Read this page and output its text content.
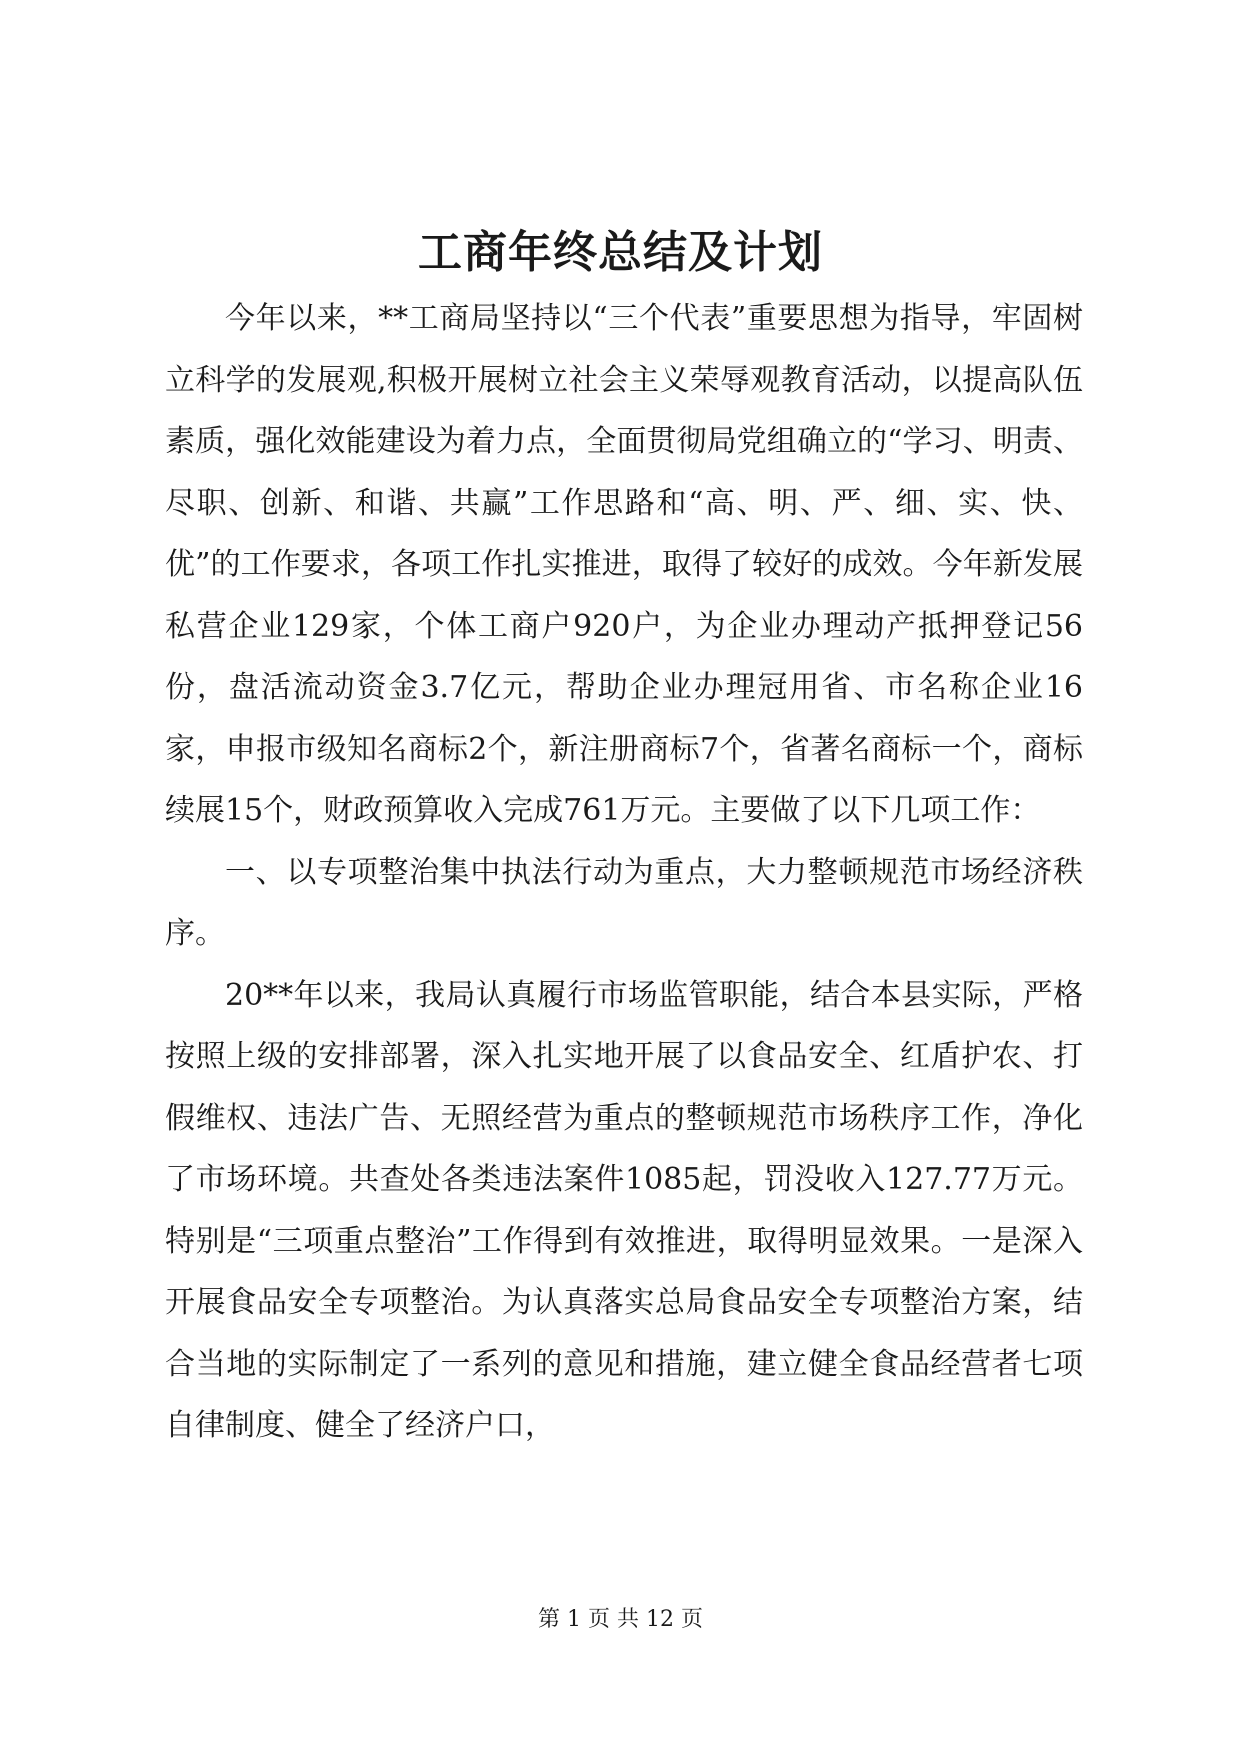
工商年终总结及计划

今年以来，**工商局坚持以“三个代表”重要思想为指导，牢固树立科学的发展观,积极开展树立社会主义荣辱观教育活动，以提高队伍素质，强化效能建设为着力点，全面贯彻局党组确立的“学习、明责、尽职、创新、和谐、共赢”工作思路和“高、明、严、细、实、快、优”的工作要求，各项工作扎实推进，取得了较好的成效。今年新发展私营企业129家，个体工商户920户，为企业办理动产抵押登记56份，盘活流动资金3.7亿元，帮助企业办理冠用省、市名称企业16家，申报市级知名商标2个，新注册商标7个，省著名商标一个，商标续展15个，财政预算收入完成761万元。主要做了以下几项工作：

一、以专项整治集中执法行动为重点，大力整顿规范市场经济秩序。

20**年以来，我局认真履行市场监管职能，结合本县实际，严格按照上级的安排部署，深入扎实地开展了以食品安全、红盾护农、打假维权、违法广告、无照经营为重点的整顿规范市场秩序工作，净化了市场环境。共查处各类违法案件1085起，罚没收入127.77万元。特别是“三项重点整治”工作得到有效推进，取得明显效果。一是深入开展食品安全专项整治。为认真落实总局食品安全专项整治方案，结合当地的实际制定了一系列的意见和措施，建立健全食品经营者七项自律制度、健全了经济户口，

第 1 页 共 12 页
